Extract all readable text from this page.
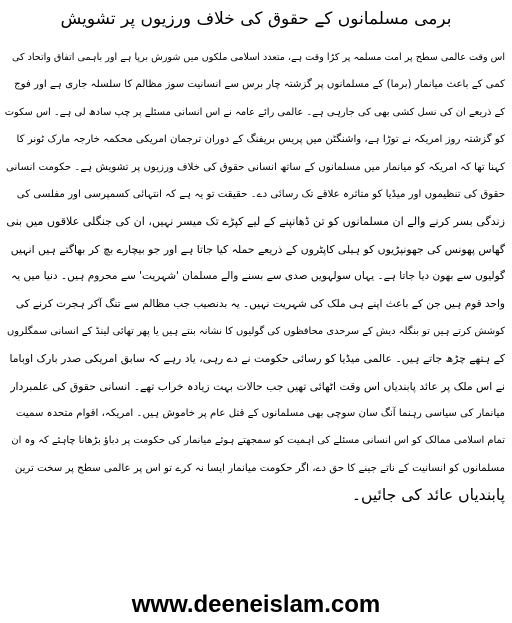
برمی مسلمانوں کے حقوق کی خلاف ورزیوں پر تشویش
اس وقت عالمی سطح پر امت مسلمہ پر کڑا وقت ہے، متعدد اسلامی ملکوں میں شورش برپا ہے اور باہمی اتفاق واتحاد کی
کمی کے باعث میانمار (برما) کے مسلمانوں پر گزشتہ چار برس سے انسانیت سوز مظالم کا سلسلہ جاری ہے اور فوج
کے ذریعے ان کی نسل کشی بھی کی جارہی ہے۔ عالمی رائے عامہ نے اس انسانی مسئلے پر چپ سادھ لی ہے۔ اس سکوت
کو گزشتہ روز امریکہ نے توڑا ہے، واشنگٹن میں پریس بریفنگ کے دوران ترجمان امریکی محکمہ خارجہ مارک ٹونر کا
کہنا تھا کہ امریکہ کو میانمار میں مسلمانوں کے ساتھ انسانی حقوق کی خلاف ورزیوں پر تشویش ہے۔ حکومت انسانی
حقوق کی تنظیموں اور میڈیا کو متاثرہ علاقے تک رسائی دے۔ حقیقت تو یہ ہے کہ انتہائی کسمپرسی اور مفلسی کی
زندگی بسر کرنے والے ان مسلمانوں کو تن ڈھانپنے کے لیے کپڑے تک میسر نہیں، ان کی جنگلی علاقوں میں بنی
گھاس پھونس کی جھونپڑیوں کو ہیلی کاپٹروں کے ذریعے حملہ کیا جاتا ہے اور جو بیچارے بچ کر بھاگتے ہیں انہیں
گولیوں سے بھون دیا جاتا ہے۔ یہاں سولہویں صدی سے بسنے والے مسلمان 'شہریت' سے محروم ہیں۔ دنیا میں یہ
واحد قوم ہیں جن کے باعث اپنے ہی ملک کی شہریت نہیں۔ یہ بدنصیب جب مظالم سے تنگ آکر ہجرت کرنے کی
کوشش کرتے ہیں تو بنگلہ دیش کے سرحدی محافظوں کی گولیوں کا نشانہ بنتے ہیں یا پھر تھائی لینڈ کے انسانی سمگلروں
کے ہتھے چڑھ جاتے ہیں۔ عالمی میڈیا کو رسائی حکومت نے دے رہی، یاد رہے کہ سابق امریکی صدر بارک اوباما
نے اس ملک پر عائد پابندیاں اس وقت اٹھائی تھیں جب حالات بہت زیادہ خراب تھے۔ انسانی حقوق کی علمبردار
میانمار کی سیاسی رہنما آنگ سان سوچی بھی مسلمانوں کے قتل عام پر خاموش ہیں۔ امریکہ، اقوام متحدہ سمیت
تمام اسلامی ممالک کو اس انسانی مسئلے کی اہمیت کو سمجھتے ہوئے میانمار کی حکومت پر دباؤ بڑھانا چاہئے کہ وہ ان
مسلمانوں کو انسانیت کے ناتے جینے کا حق دے، اگر حکومت میانمار ایسا نہ کرے تو اس پر عالمی سطح پر سخت ترین
پابندیاں عائد کی جائیں۔
www.deeneislam.com
